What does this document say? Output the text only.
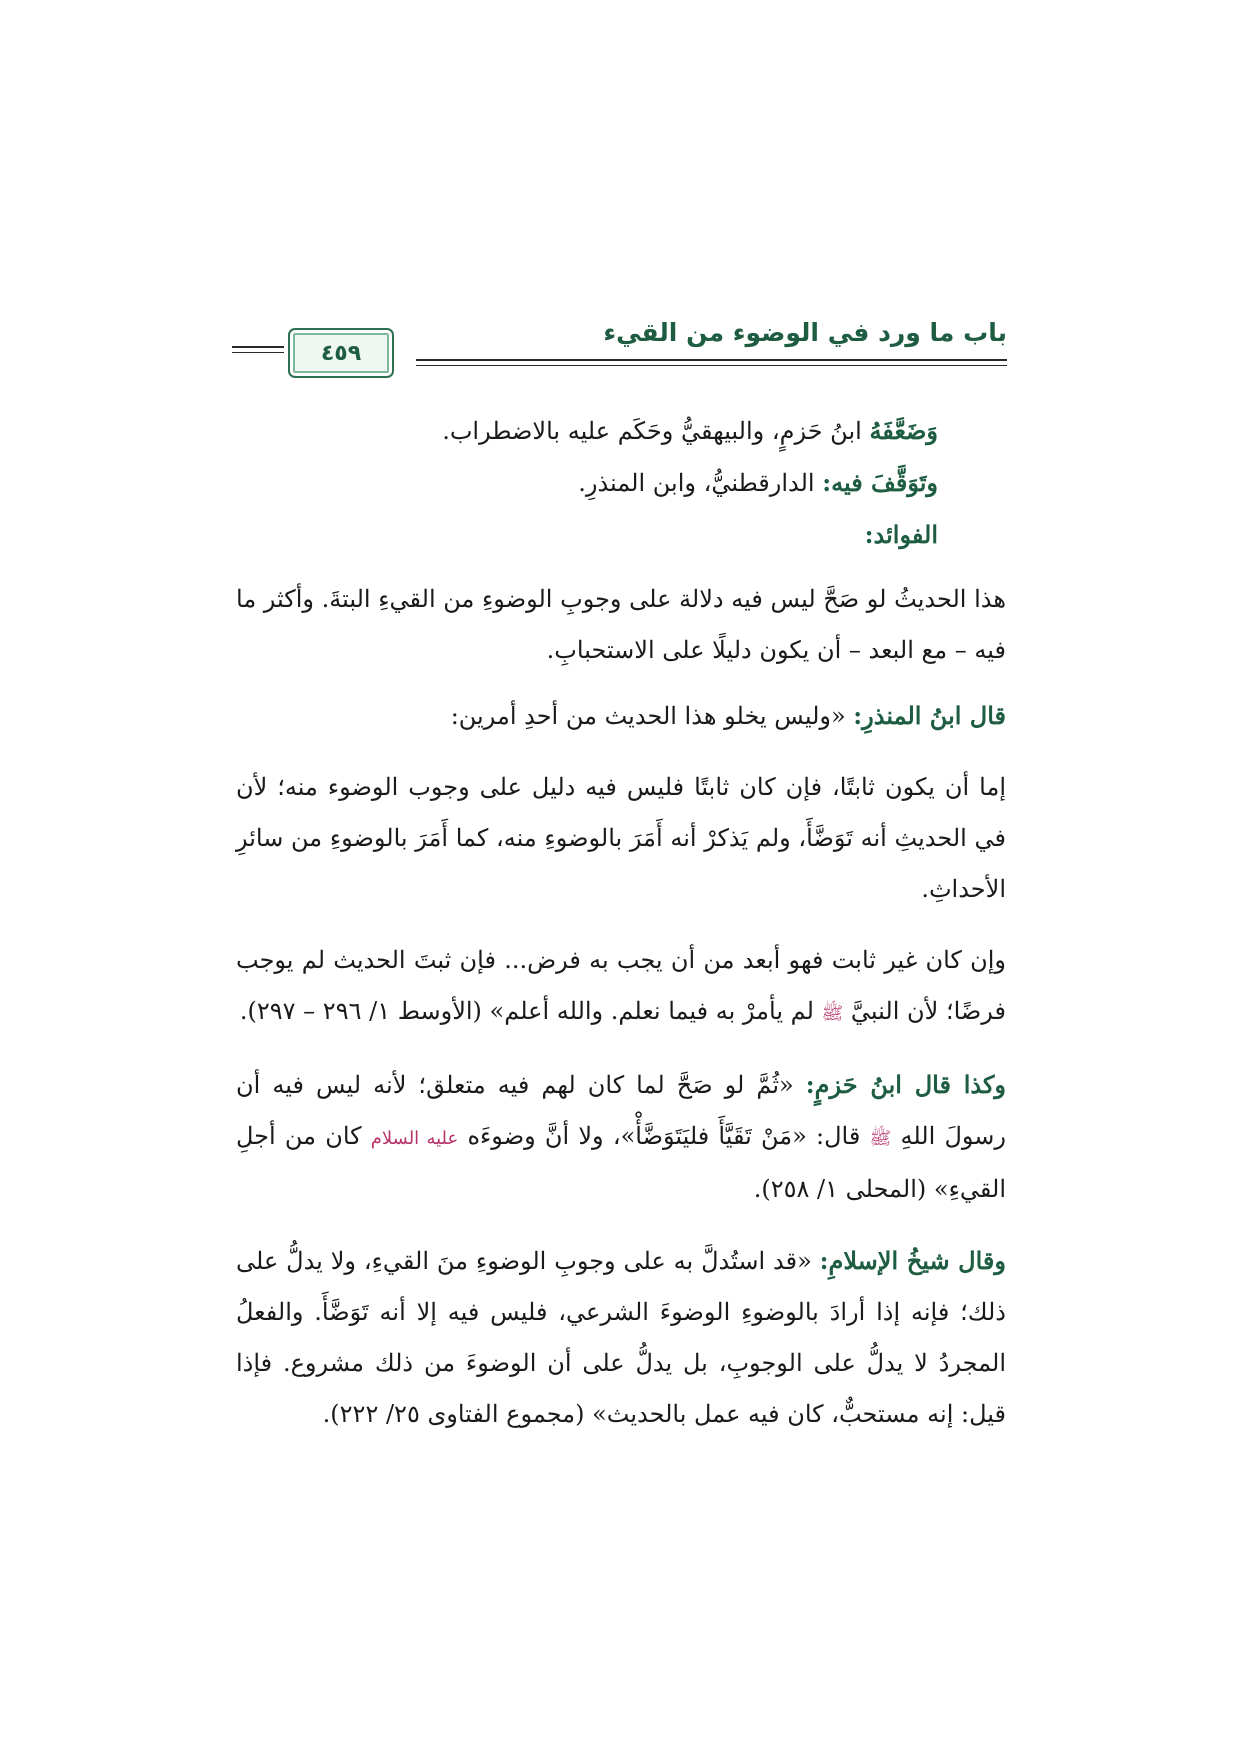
باب ما ورد في الوضوء من القيء
٤٥٩

وَضَعَّفَهُ ابنُ حَزمٍ، والبيهقيُّ وحَكَم عليه بالاضطراب.

وتَوَقَّفَ فيه: الدارقطنيُّ، وابن المنذرِ.

الفوائد:

هذا الحديثُ لو صَحَّ ليس فيه دلالة على وجوبِ الوضوءِ من القيءِ البتةَ. وأكثر ما فيه – مع البعد – أن يكون دليلًا على الاستحبابِ.

قال ابنُ المنذرِ: «وليس يخلو هذا الحديث من أحدِ أمرين:

إما أن يكون ثابتًا، فإن كان ثابتًا فليس فيه دليل على وجوب الوضوء منه؛ لأن في الحديثِ أنه تَوَضَّأَ، ولم يَذكرْ أنه أَمَرَ بالوضوءِ منه، كما أَمَرَ بالوضوءِ من سائرِ الأحداثِ.

وإن كان غير ثابت فهو أبعد من أن يجب به فرض... فإن ثبتَ الحديث لم يوجب فرضًا؛ لأن النبيَّ ﷺ لم يأمرْ به فيما نعلم. والله أعلم» (الأوسط ١/ ٢٩٦ – ٢٩٧).

وكذا قال ابنُ حَزمٍ: «ثُمَّ لو صَحَّ لما كان لهم فيه متعلق؛ لأنه ليس فيه أن رسولَ اللهِ ﷺ قال: «مَنْ تَقَيَّأَ فليَتَوَضَّأْ»، ولا أنَّ وضوءَه عليه السلام كان من أجلِ القيءِ» (المحلى ١/ ٢٥٨).

وقال شيخُ الإسلامِ: «قد استُدلَّ به على وجوبِ الوضوءِ منَ القيءِ، ولا يدلُّ على ذلك؛ فإنه إذا أرادَ بالوضوءِ الوضوءَ الشرعي، فليس فيه إلا أنه تَوَضَّأَ. والفعلُ المجردُ لا يدلُّ على الوجوبِ، بل يدلُّ على أن الوضوءَ من ذلك مشروع. فإذا قيل: إنه مستحبٌّ، كان فيه عمل بالحديث» (مجموع الفتاوى ٢٥/ ٢٢٢).
